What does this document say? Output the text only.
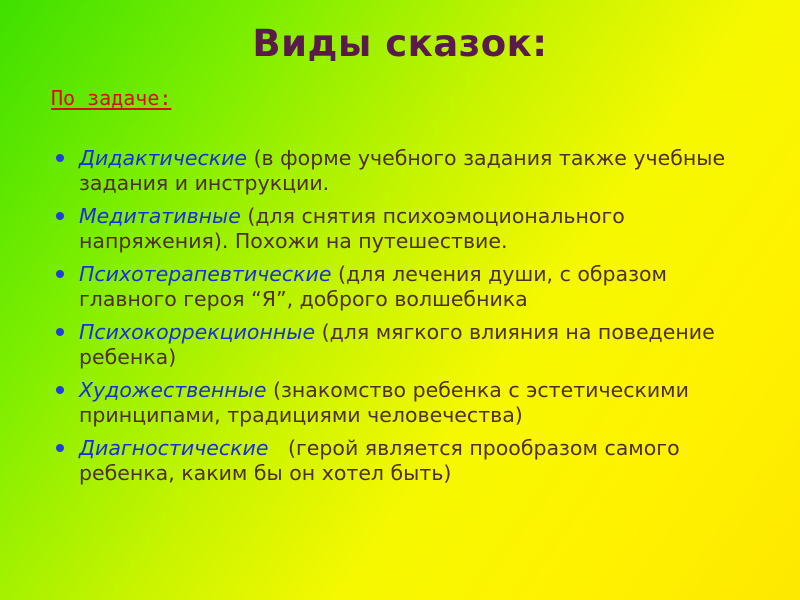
Виды сказок:
По задаче:
Дидактические (в форме учебного задания также учебные задания и инструкции.
Медитативные (для снятия психоэмоционального напряжения). Похожи на путешествие.
Психотерапевтические (для лечения души, с образом главного героя “Я”, доброго волшебника
Психокоррекционные (для мягкого влияния на поведение ребенка)
Художественные (знакомство ребенка с эстетическими принципами, традициями человечества)
Диагностические   (герой является прообразом самого ребенка, каким бы он хотел быть)
